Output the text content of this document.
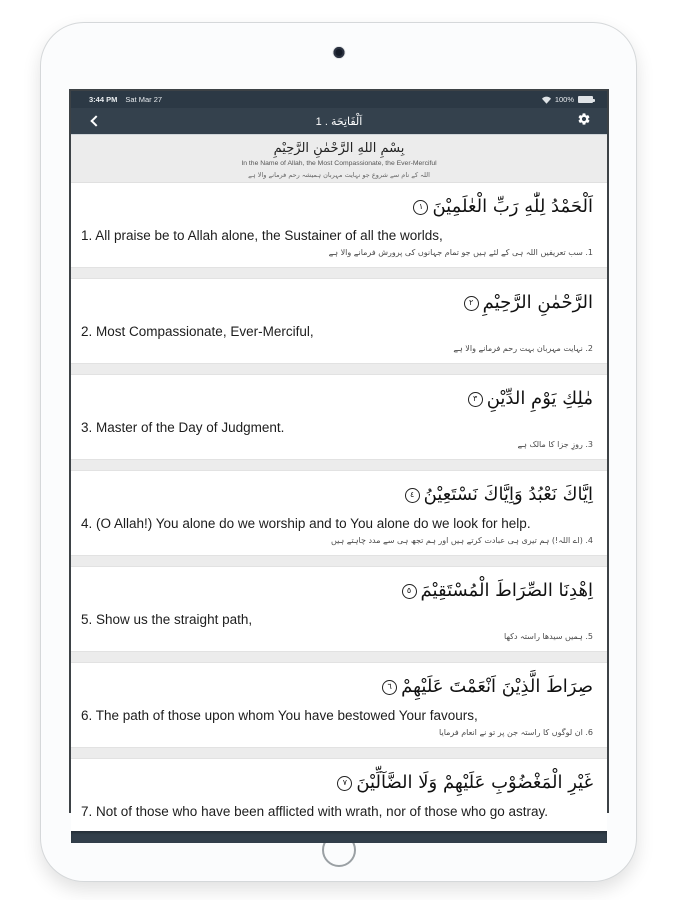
3:44 PM Sat Mar 27	100%
1 . اَلْفَاتِحَة
بِسْمِ اللهِ الرَّحْمٰنِ الرَّحِيْمِ
In the Name of Allah, the Most Compassionate, the Ever-Merciful
اللہ کے نام سے شروع جو نہایت مہربان ہمیشہ رحم فرمانے والا ہے
اَلْحَمْدُ لِلّٰهِ رَبِّ الْعٰلَمِيْنَ١
1. All praise be to Allah alone, the Sustainer of all the worlds,
1. سب تعریفیں اللہ ہی کے لئے ہیں جو تمام جہانوں کی پرورش فرمانے والا ہے
الرَّحْمٰنِ الرَّحِيْمِ٢
2. Most Compassionate, Ever-Merciful,
2. نہایت مہربان بہت رحم فرمانے والا ہے
مٰلِكِ يَوْمِ الدِّيْنِ٣
3. Master of the Day of Judgment.
3. روزِ جزا کا مالک ہے
اِيَّاكَ نَعْبُدُ وَاِيَّاكَ نَسْتَعِيْنُ٤
4. (O Allah!) You alone do we worship and to You alone do we look for help.
4. (اے اللہ!) ہم تیری ہی عبادت کرتے ہیں اور ہم تجھ ہی سے مدد چاہتے ہیں
اِهْدِنَا الصِّرَاطَ الْمُسْتَقِيْمَ٥
5. Show us the straight path,
5. ہمیں سیدھا راستہ دکھا
صِرَاطَ الَّذِيْنَ اَنْعَمْتَ عَلَيْهِمْ٦
6. The path of those upon whom You have bestowed Your favours,
6. ان لوگوں کا راستہ جن پر تو نے انعام فرمایا
غَيْرِ الْمَغْضُوْبِ عَلَيْهِمْ وَلَا الضَّآلِّيْنَ٧
7. Not of those who have been afflicted with wrath, nor of those who go astray.
